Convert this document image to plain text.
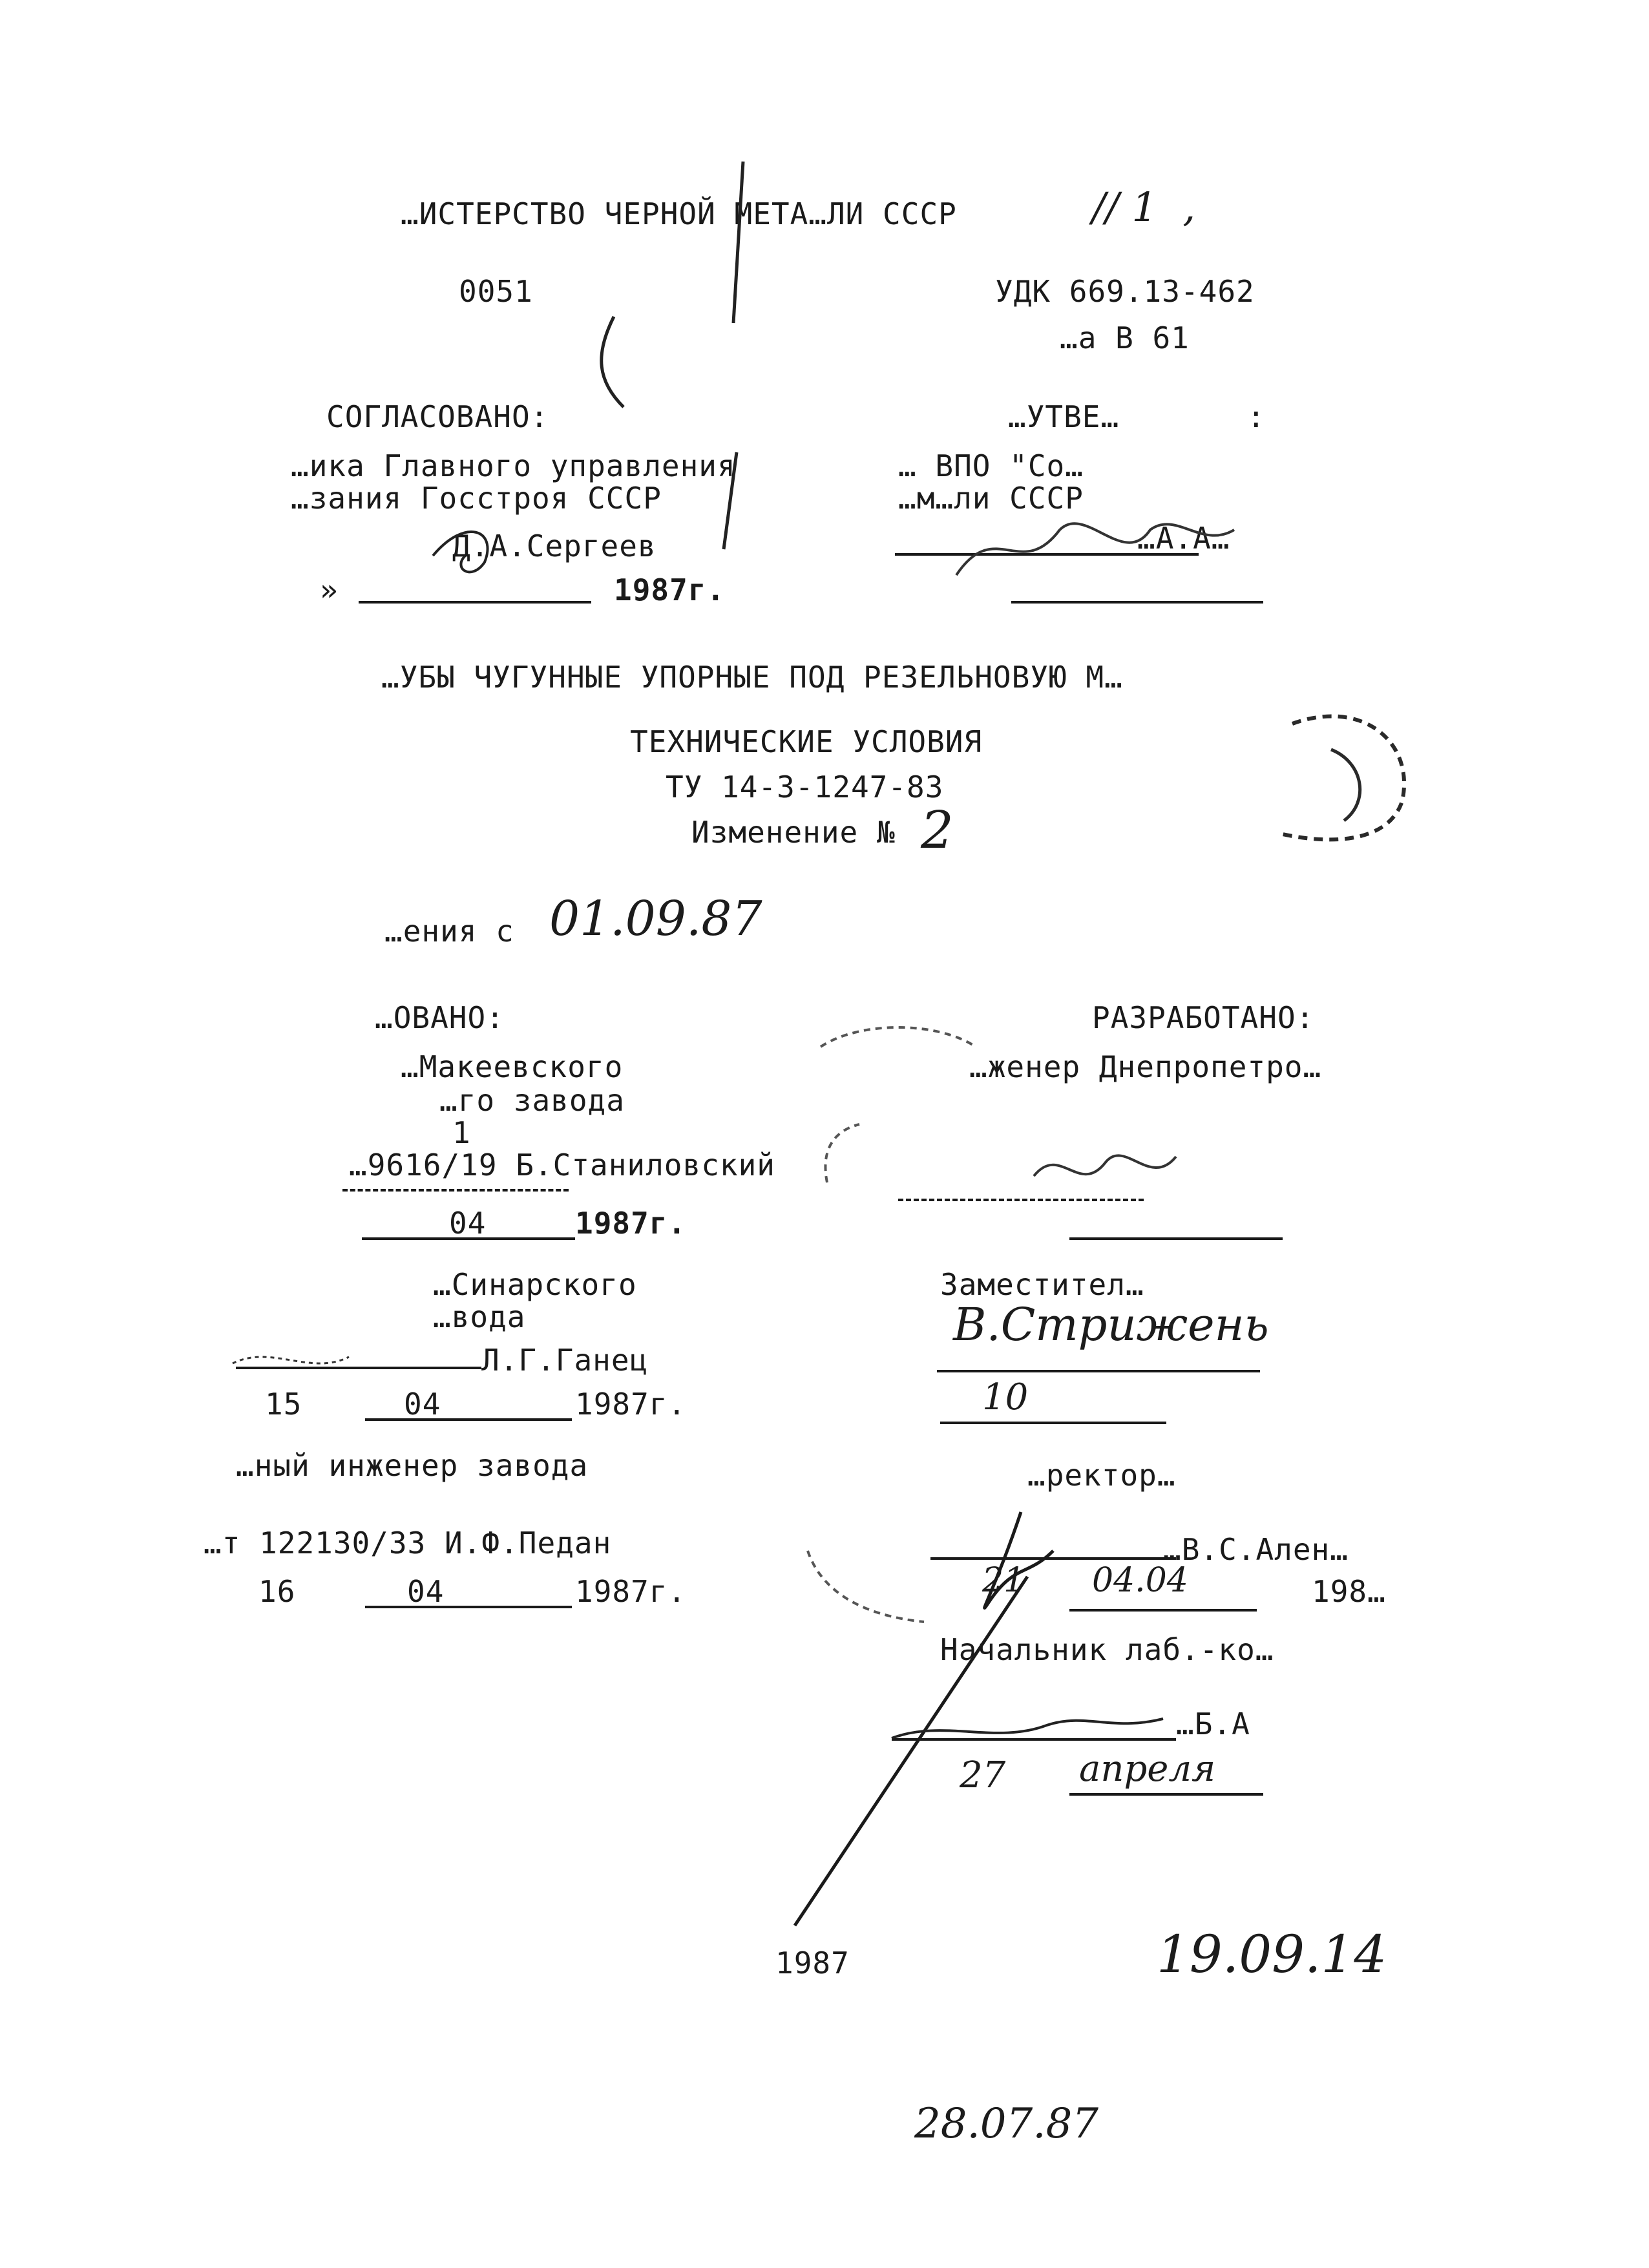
…ИСТЕРСТВО ЧЕРНОЙ МЕТА…ЛИ СССР	// 1  ,
0051	УДК 669.13-462
…а В 61
СОГЛАСОВАНО:
…ика Главного управления
…зания Госстроя СССР
Д.А.Сергеев
»	1987г.
…УТВЕ…	:
… ВПО "Со…
…м…ли СССР
…А.А…
…УБЫ ЧУГУННЫЕ УПОРНЫЕ ПОД РЕЗЕЛЬНОВУЮ М…
ТЕХНИЧЕСКИЕ УСЛОВИЯ
ТУ 14-3-1247-83
Изменение № 2
…ения с 01.09.87
…ОВАНО:
…Макеевского
…го завода
1
…9616/19 Б.Станиловский
04	1987г.
…Синарского
…вода
Л.Г.Ганец
15	04	1987г.
…ный инженер завода
…т 122130/33 И.Ф.Педан
16	04	1987г.
РАЗРАБОТАНО:
…женер Днепропетро…
Заместител…
В.Стрижень
10
…ректор…
…В.С.Ален…
21 04.04	198…
Начальник лаб.-ко…
…Б.А
27 апреля
1987	19.09.14
28.07.87
